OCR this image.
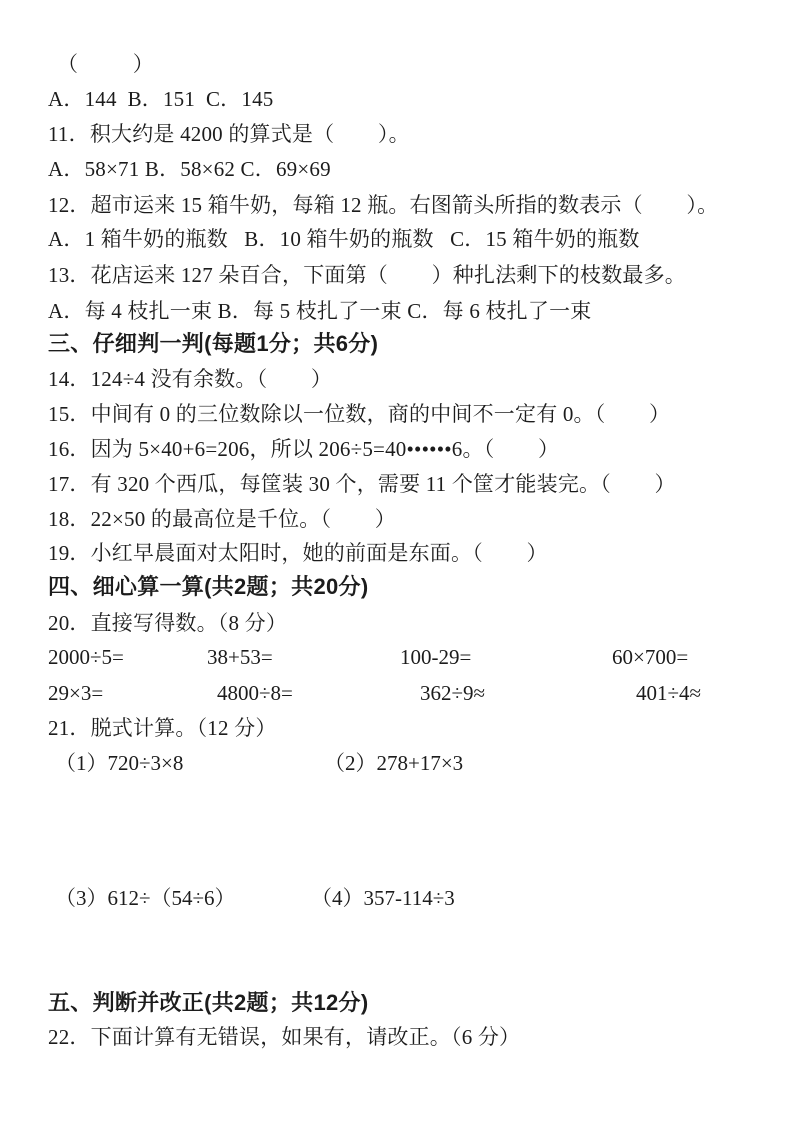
（          ）
A．144  B．151  C．145
11．积大约是 4200 的算式是（        ）。
A．58×71 B．58×62 C．69×69
12．超市运来 15 箱牛奶，每箱 12 瓶。右图箭头所指的数表示（        ）。
A．1 箱牛奶的瓶数   B．10 箱牛奶的瓶数   C．15 箱牛奶的瓶数
13．花店运来 127 朵百合，下面第（        ）种扎法剩下的枝数最多。
A．每 4 枝扎一束 B．每 5 枝扎了一束 C．每 6 枝扎了一束
三、仔细判一判(每题1分；共6分)
14．124÷4 没有余数。（        ）
15．中间有 0 的三位数除以一位数，商的中间不一定有 0。（        ）
16．因为 5×40+6=206，所以 206÷5=40••••••6。（        ）
17．有 320 个西瓜，每筐装 30 个，需要 11 个筐才能装完。（        ）
18．22×50 的最高位是千位。（        ）
19．小红早晨面对太阳时，她的前面是东面。（        ）
四、细心算一算(共2题；共20分)
20．直接写得数。（8 分）

2000÷5=

	38+53=

	100-29=

	60×700=

29×3=

	4800÷8=

	362÷9≈

	401÷4≈

21．脱式计算。（12 分）

（1）720÷3×8

	（2）278+17×3

（3）612÷（54÷6）

	（4）357-114÷3

五、判断并改正(共2题；共12分)
22．下面计算有无错误，如果有，请改正。（6 分）
